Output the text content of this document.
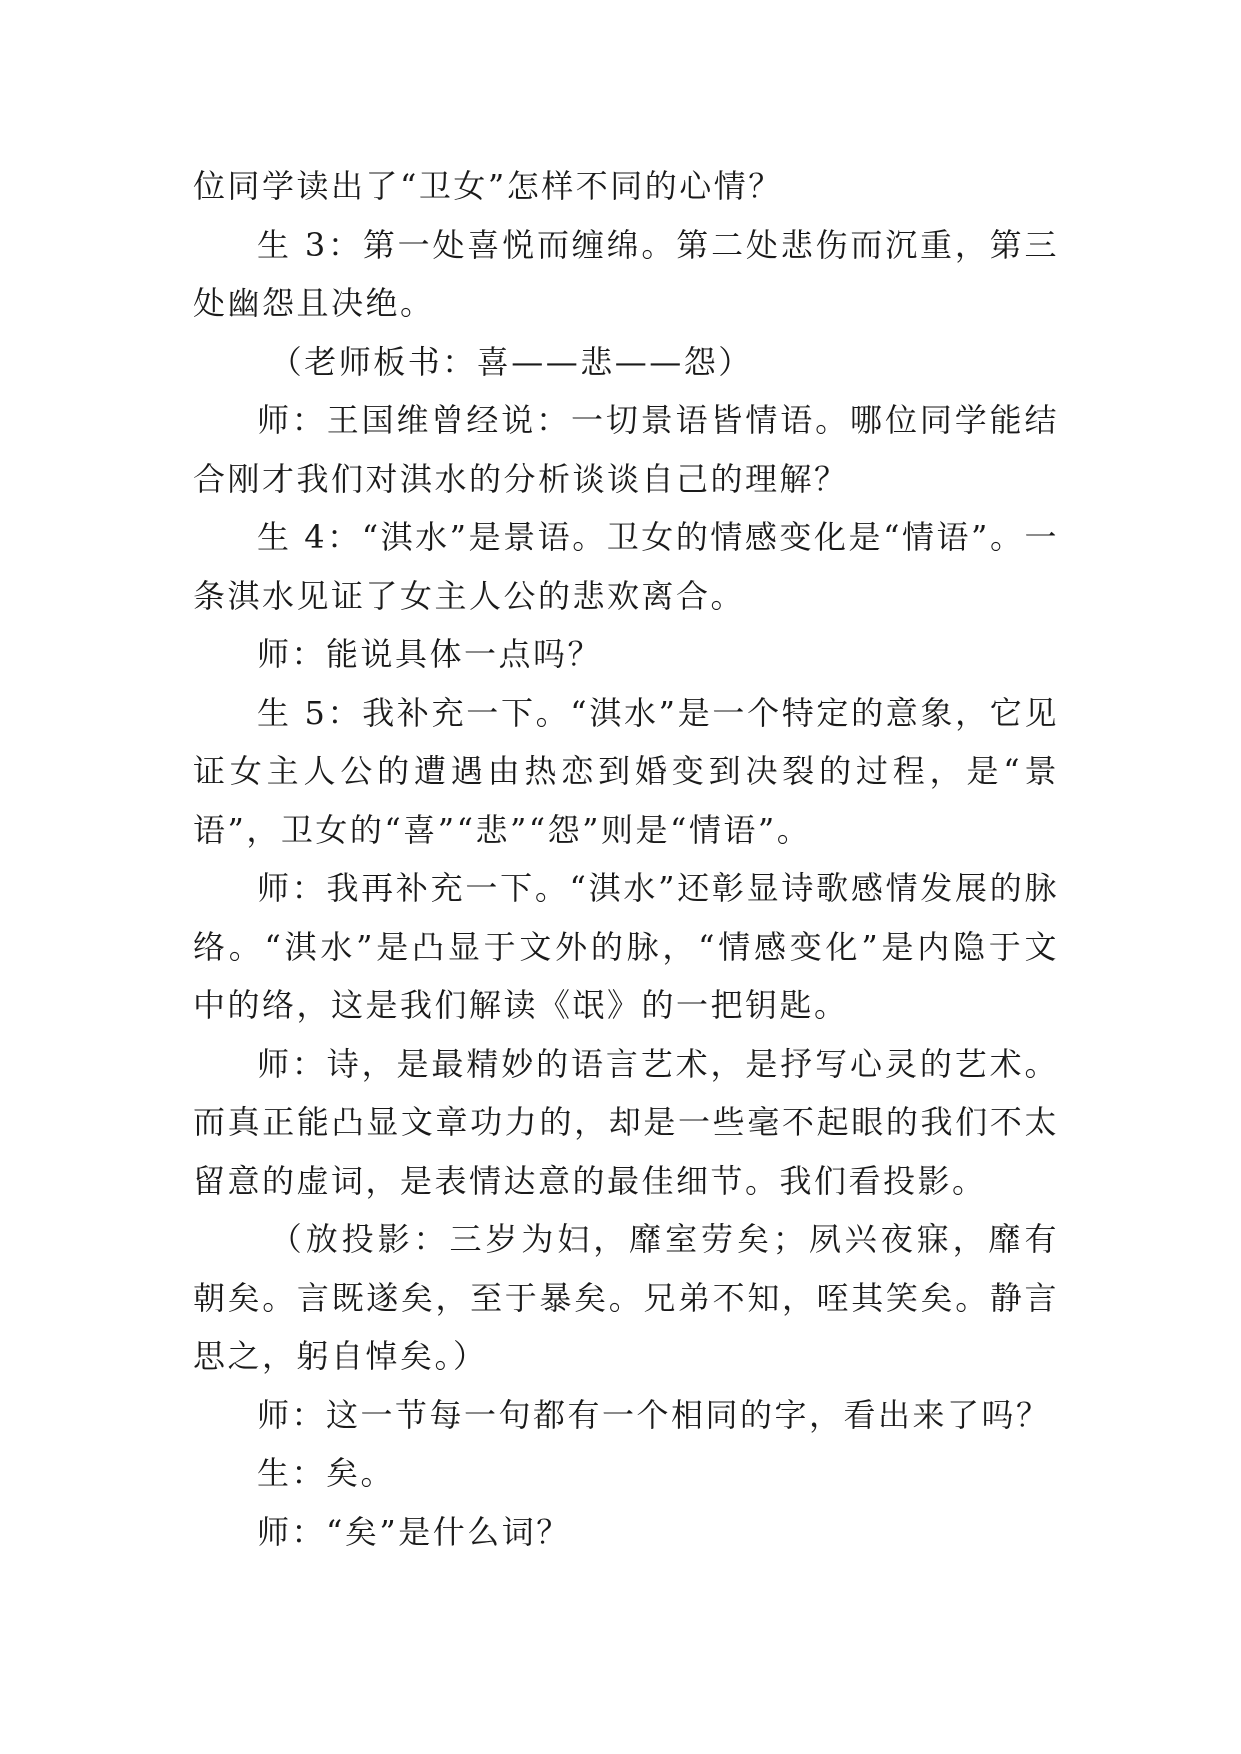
位同学读出了“卫女”怎样不同的心情？

生 3：第一处喜悦而缠绵。第二处悲伤而沉重，第三处幽怨且决绝。

（老师板书：喜——悲——怨）

师：王国维曾经说：一切景语皆情语。哪位同学能结合刚才我们对淇水的分析谈谈自己的理解？

生 4：“淇水”是景语。卫女的情感变化是“情语”。一条淇水见证了女主人公的悲欢离合。

师：能说具体一点吗？

生 5：我补充一下。“淇水”是一个特定的意象，它见证女主人公的遭遇由热恋到婚变到决裂的过程，是“景语”，卫女的“喜”“悲”“怨”则是“情语”。

师：我再补充一下。“淇水”还彰显诗歌感情发展的脉络。“淇水”是凸显于文外的脉，“情感变化”是内隐于文中的络，这是我们解读《氓》的一把钥匙。

师：诗，是最精妙的语言艺术，是抒写心灵的艺术。而真正能凸显文章功力的，却是一些毫不起眼的我们不太留意的虚词，是表情达意的最佳细节。我们看投影。

（放投影：三岁为妇，靡室劳矣；夙兴夜寐，靡有朝矣。言既遂矣，至于暴矣。兄弟不知，咥其笑矣。静言思之，躬自悼矣。）

师：这一节每一句都有一个相同的字，看出来了吗？

生：矣。

师：“矣”是什么词？
